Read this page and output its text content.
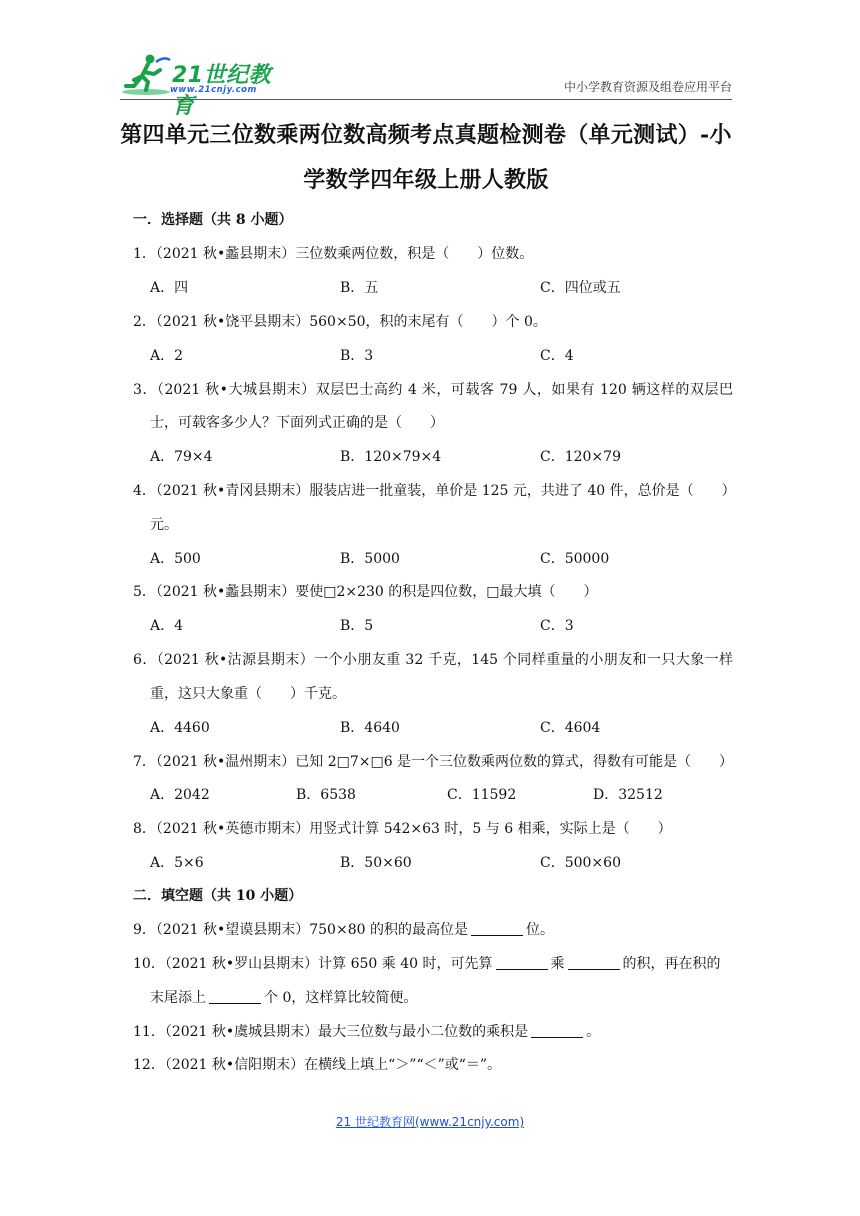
21世纪教育
www.21cnjy.com	中小学教育资源及组卷应用平台
第四单元三位数乘两位数高频考点真题检测卷（单元测试）-小
学数学四年级上册人教版
一．选择题（共 8 小题）
1．（2021 秋•蠡县期末）三位数乘两位数，积是（　　）位数。
A．四	B．五	C．四位或五
2．（2021 秋•饶平县期末）560×50，积的末尾有（　　）个 0。
A．2	B．3	C．4
3．（2021 秋•大城县期末）双层巴士高约 4 米，可载客 79 人，如果有 120 辆这样的双层巴
士，可载客多少人？下面列式正确的是（　　）
A．79×4	B．120×79×4	C．120×79
4．（2021 秋•青冈县期末）服装店进一批童装，单价是 125 元，共进了 40 件，总价是（　　）
元。
A．500	B．5000	C．50000
5．（2021 秋•蠡县期末）要使□2×230 的积是四位数，□最大填（　　）
A．4	B．5	C．3
6．（2021 秋•沽源县期末）一个小朋友重 32 千克，145 个同样重量的小朋友和一只大象一样
重，这只大象重（　　）千克。
A．4460	B．4640	C．4604
7．（2021 秋•温州期末）已知 2□7×□6 是一个三位数乘两位数的算式，得数有可能是（　　）
A．2042	B．6538	C．11592	D．32512
8．（2021 秋•英德市期末）用竖式计算 542×63 时，5 与 6 相乘，实际上是（　　）
A．5×6	B．50×60	C．500×60
二．填空题（共 10 小题）
9．（2021 秋•望谟县期末）750×80 的积的最高位是	位。
10．（2021 秋•罗山县期末）计算 650 乘 40 时，可先算	乘	的积，再在积的
末尾添上	个 0，这样算比较简便。
11．（2021 秋•虞城县期末）最大三位数与最小二位数的乘积是	。
12．（2021 秋•信阳期末）在横线上填上“＞”“＜”或“＝”。
21 世纪教育网(www.21cnjy.com)
